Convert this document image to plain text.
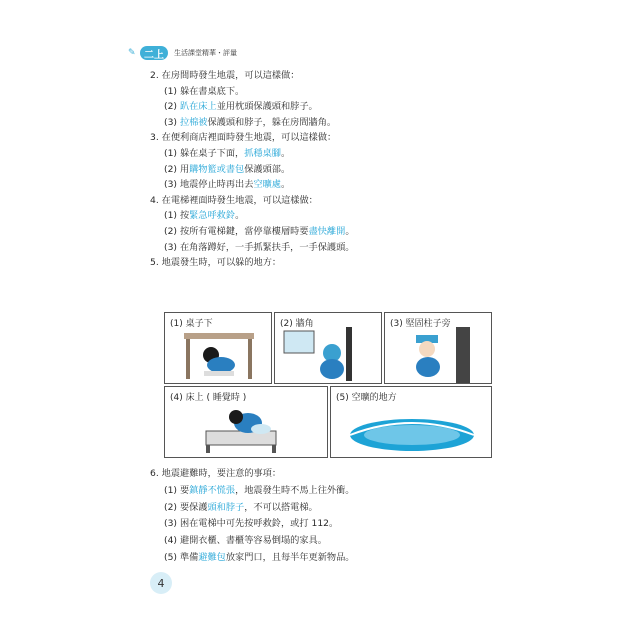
✎ 二上	生活課堂精華・評量

2. 在房間時發生地震，可以這樣做：

(1) 躲在書桌底下。

(2) 趴在床上並用枕頭保護頭和脖子。

(3) 拉棉被保護頭和脖子，躲在房間牆角。

3. 在便利商店裡面時發生地震，可以這樣做：

(1) 躲在桌子下面，抓穩桌腳。

(2) 用購物籃或書包保護頭部。

(3) 地震停止時再出去空曠處。

4. 在電梯裡面時發生地震，可以這樣做：

(1) 按緊急呼救鈴。

(2) 按所有電梯鍵，當停靠樓層時要盡快離開。

(3) 在角落蹲好，一手抓緊扶手，一手保護頭。

5. 地震發生時，可以躲的地方：

(1) 桌子下	(2) 牆角	(3) 堅固柱子旁
(4) 床上 ( 睡覺時 )	(5) 空曠的地方

6. 地震避難時，要注意的事項：

(1) 要鎮靜不慌張，地震發生時不馬上往外衝。

(2) 要保護頭和脖子，不可以搭電梯。

(3) 困在電梯中可先按呼救鈴，或打 112。

(4) 避開衣櫃、書櫃等容易倒塌的家具。

(5) 準備避難包放家門口，且每半年更新物品。

4
